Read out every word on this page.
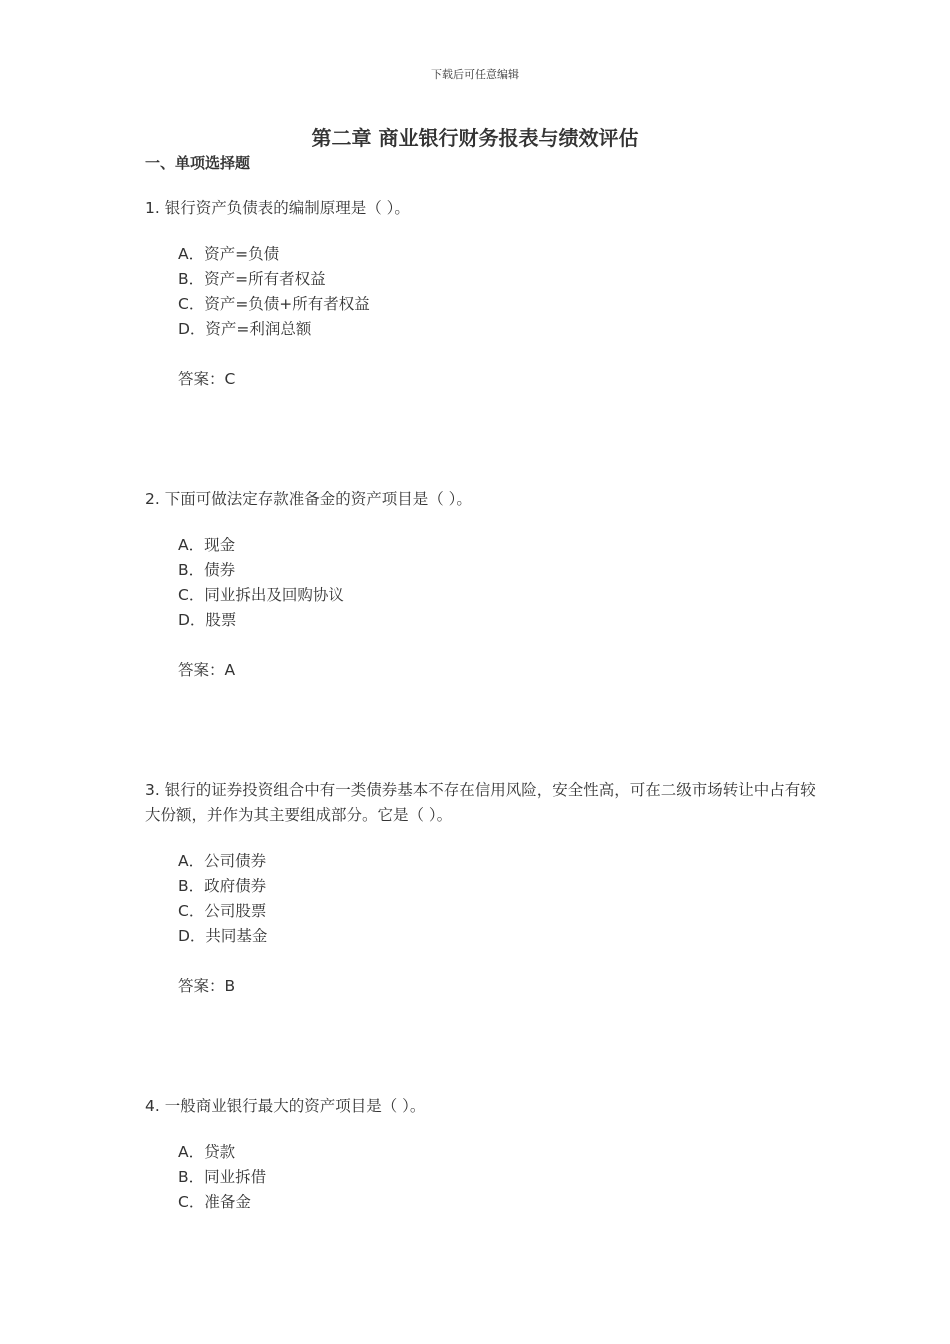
下载后可任意编辑
第二章 商业银行财务报表与绩效评估
一、单项选择题

1. 银行资产负债表的编制原理是（ ）。

A．资产=负债
B．资产=所有者权益
C．资产=负债+所有者权益
D．资产=利润总额
答案：C

2. 下面可做法定存款准备金的资产项目是（ ）。

A．现金
B．债券
C．同业拆出及回购协议
D．股票
答案：A

3. 银行的证券投资组合中有一类债券基本不存在信用风险，安全性高，可在二级市场转让中占有较大份额，并作为其主要组成部分。它是（ ）。

A．公司债券
B．政府债券
C．公司股票
D．共同基金
答案：B

4. 一般商业银行最大的资产项目是（ ）。

A．贷款
B．同业拆借
C．准备金
